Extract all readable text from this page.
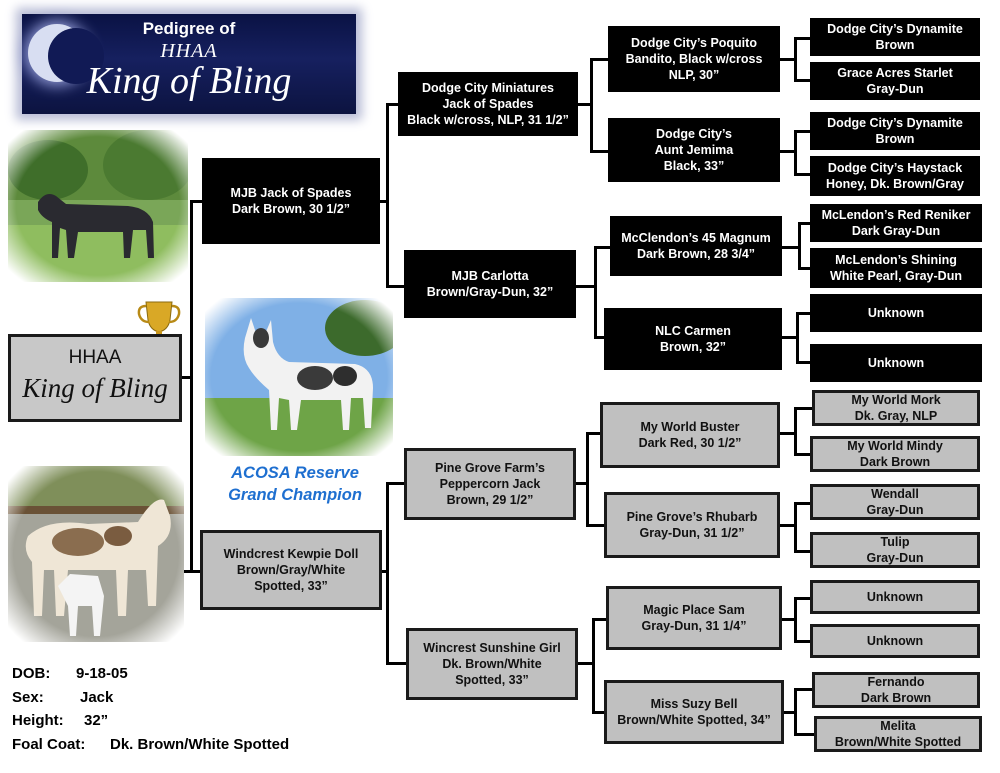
Pedigree of
HHAA
King of Bling
HHAA
King of Bling
ACOSA Reserve
Grand Champion
DOB: 9-18-05
Sex: Jack
Height: 32”
Foal Coat: Dk. Brown/White Spotted
MJB Jack of Spades
Dark Brown, 30 1/2”
Windcrest Kewpie Doll
Brown/Gray/White
Spotted, 33”
Dodge City Miniatures
Jack of Spades
Black w/cross, NLP, 31 1/2”
MJB Carlotta
Brown/Gray-Dun, 32”
Pine Grove Farm’s
Peppercorn Jack
Brown, 29 1/2”
Wincrest Sunshine Girl
Dk. Brown/White
Spotted, 33”
Dodge City’s Poquito
Bandito, Black w/cross
NLP, 30”
Dodge City’s
Aunt Jemima
Black, 33”
McClendon’s 45 Magnum
Dark Brown, 28 3/4”
NLC Carmen
Brown, 32”
My World Buster
Dark Red, 30 1/2”
Pine Grove’s Rhubarb
Gray-Dun, 31 1/2”
Magic Place Sam
Gray-Dun, 31 1/4”
Miss Suzy Bell
Brown/White Spotted, 34”
Dodge City’s Dynamite
Brown
Grace Acres Starlet
Gray-Dun
Dodge City’s Dynamite
Brown
Dodge City’s Haystack
Honey, Dk. Brown/Gray
McLendon’s Red Reniker
Dark Gray-Dun
McLendon’s Shining
White Pearl, Gray-Dun
Unknown
Unknown
My World Mork
Dk. Gray, NLP
My World Mindy
Dark Brown
Wendall
Gray-Dun
Tulip
Gray-Dun
Unknown
Unknown
Fernando
Dark Brown
Melita
Brown/White Spotted
